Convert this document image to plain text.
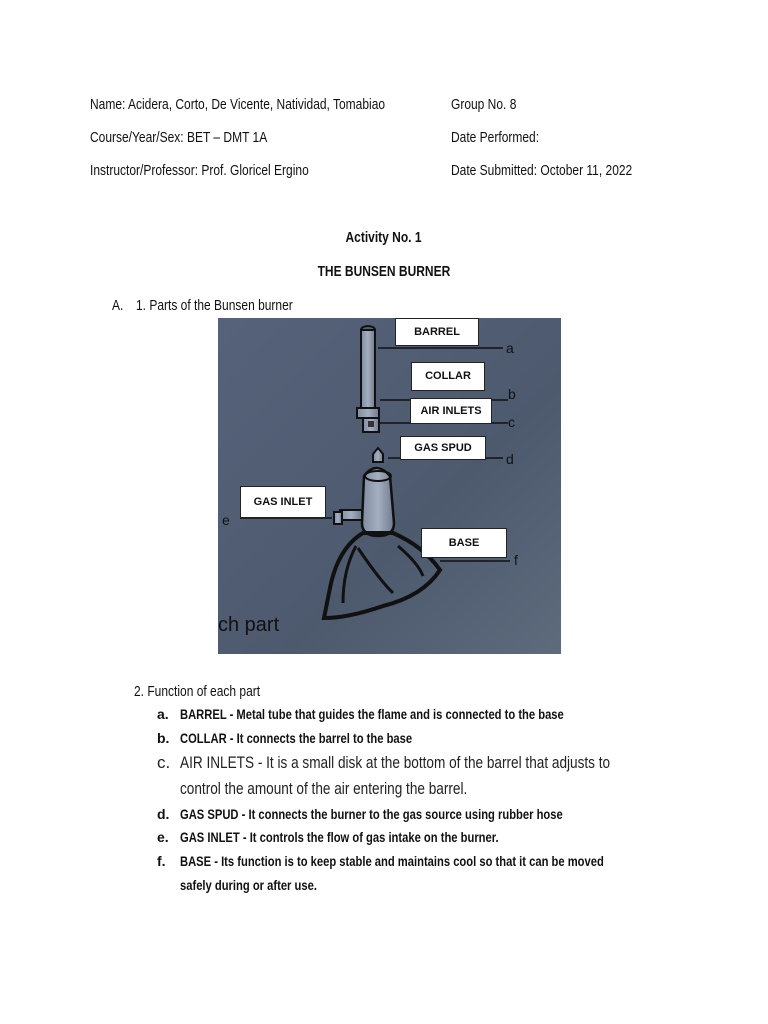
Name: Acidera, Corto, De Vicente, Natividad, Tomabiao
Course/Year/Sex: BET – DMT 1A
Instructor/Professor: Prof. Gloricel Ergino
Group No. 8
Date Performed:
Date Submitted: October 11, 2022
Activity No. 1
THE BUNSEN BURNER
A. 1. Parts of the Bunsen burner
a
b
c
d
e
f
BARREL
COLLAR
AIR INLETS
GAS SPUD
GAS INLET
BASE
ch part
2. Function of each part
a. BARREL - Metal tube that guides the flame and is connected to the base
b. COLLAR - It connects the barrel to the base
c. AIR INLETS - It is a small disk at the bottom of the barrel that adjusts to
control the amount of the air entering the barrel.
d. GAS SPUD - It connects the burner to the gas source using rubber hose
e. GAS INLET - It controls the flow of gas intake on the burner.
f.	BASE - Its function is to keep stable and maintains cool so that it can be moved
safely during or after use.
